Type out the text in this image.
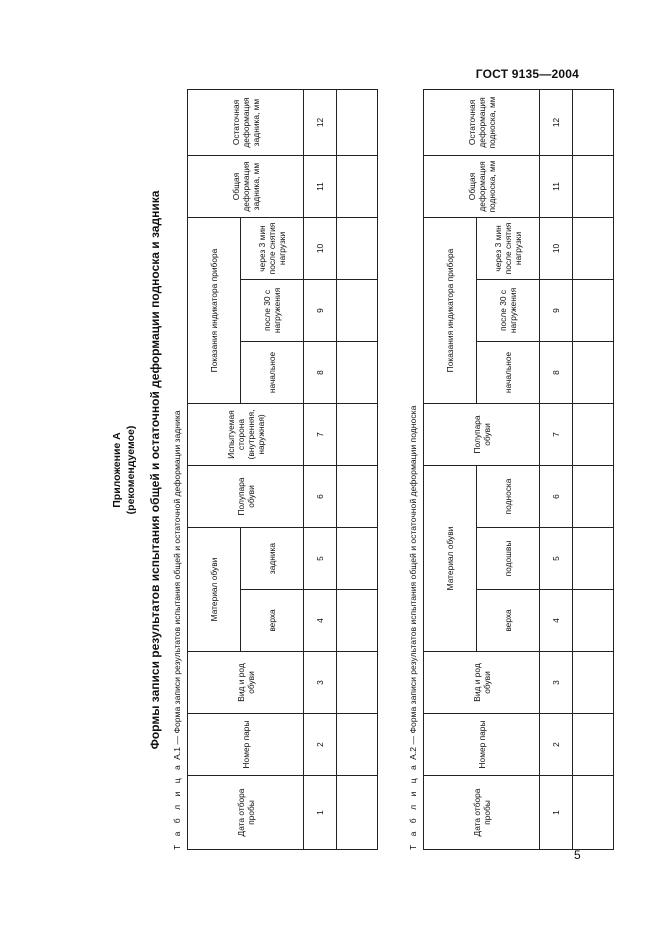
ГОСТ 9135—2004
Приложение А (рекомендуемое) Формы записи результатов испытания общей и остаточной деформации подноска и задника
Т а б л и ц а А.1 — Форма записи результатов испытания общей и остаточной деформации задника
Дата отбора пробы	Номер пары	Вид и род обуви	Материал обуви		Полупара обуви	Испытуемая сторона (внутренняя, наружная)	Показания индикатора прибора			Общая деформация задника, мм	Остаточная деформация задника, мм
			верха	задника			начальное	после 30 с нагружения	через 3 мин после снятия нагрузки		
1	2	3	4	5	6	7	8	9	10	11	12

Т а б л и ц а А.2 — Форма записи результатов испытания общей и остаточной деформации подноска
Дата отбора пробы	Номер пары	Вид и род обуви	Материал обуви			Полупара обуви	Показания индикатора прибора			Общая деформация подноска, мм	Остаточная деформация подноска, мм
			верха	подошвы	подноска		начальное	после 30 с нагружения	через 3 мин после снятия нагрузки		
1	2	3	4	5	6	7	8	9	10	11	12

5
